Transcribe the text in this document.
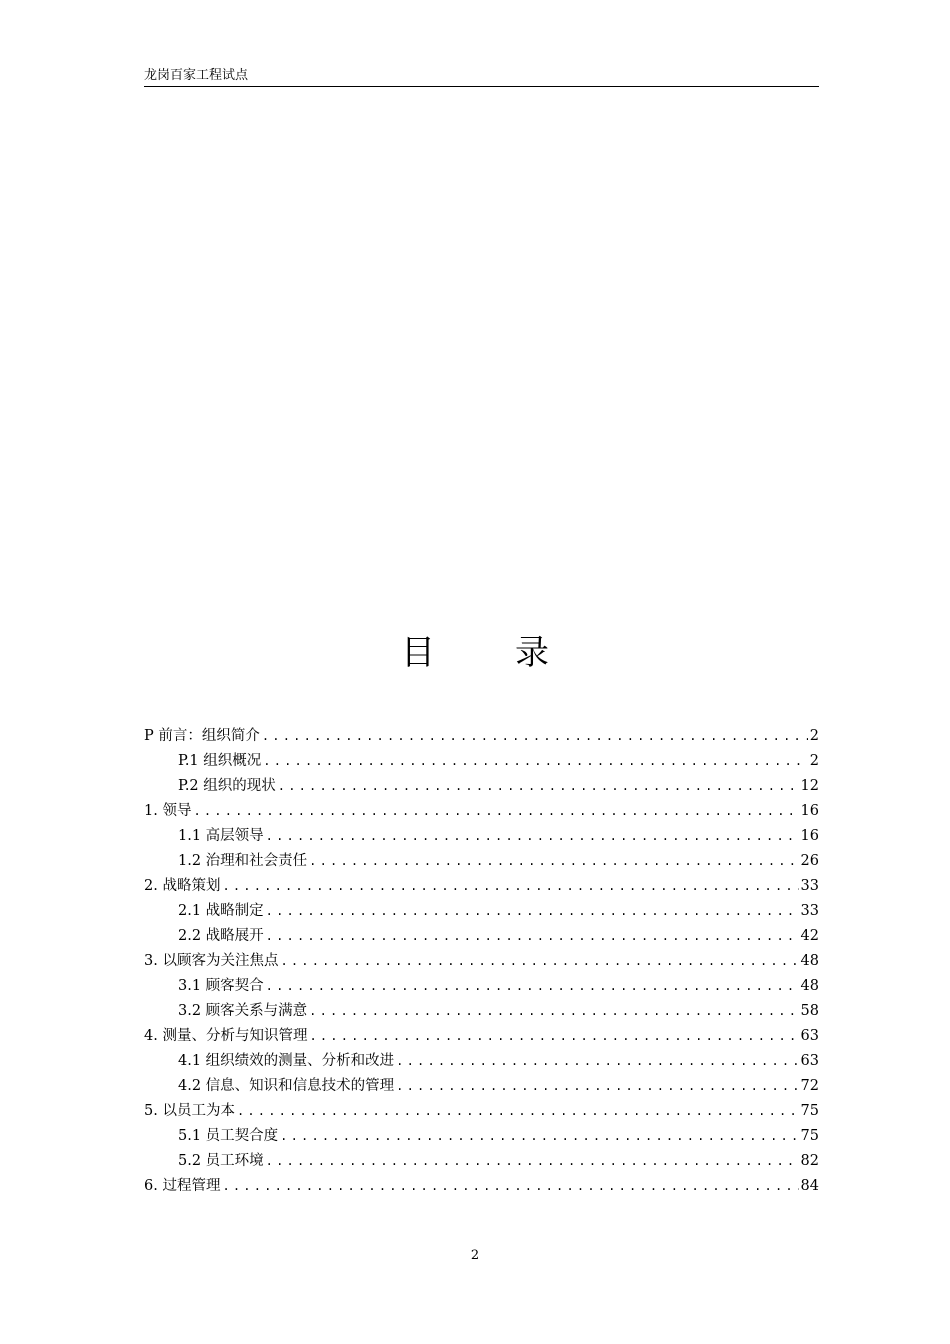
龙岗百家工程试点
目 录
P 前言：组织简介 .....	2
P.1 组织概况 .....	2
P.2 组织的现状 .....	12
1. 领导 .....	16
1.1 高层领导 .....	16
1.2 治理和社会责任 .....	26
2. 战略策划 .....	33
2.1 战略制定 .....	33
2.2 战略展开 .....	42
3. 以顾客为关注焦点 .....	48
3.1 顾客契合 .....	48
3.2 顾客关系与满意 .....	58
4. 测量、分析与知识管理 .....	63
4.1 组织绩效的测量、分析和改进 .....	63
4.2 信息、知识和信息技术的管理 .....	72
5. 以员工为本 .....	75
5.1 员工契合度 .....	75
5.2 员工环境 .....	82
6. 过程管理 .....	84
2
